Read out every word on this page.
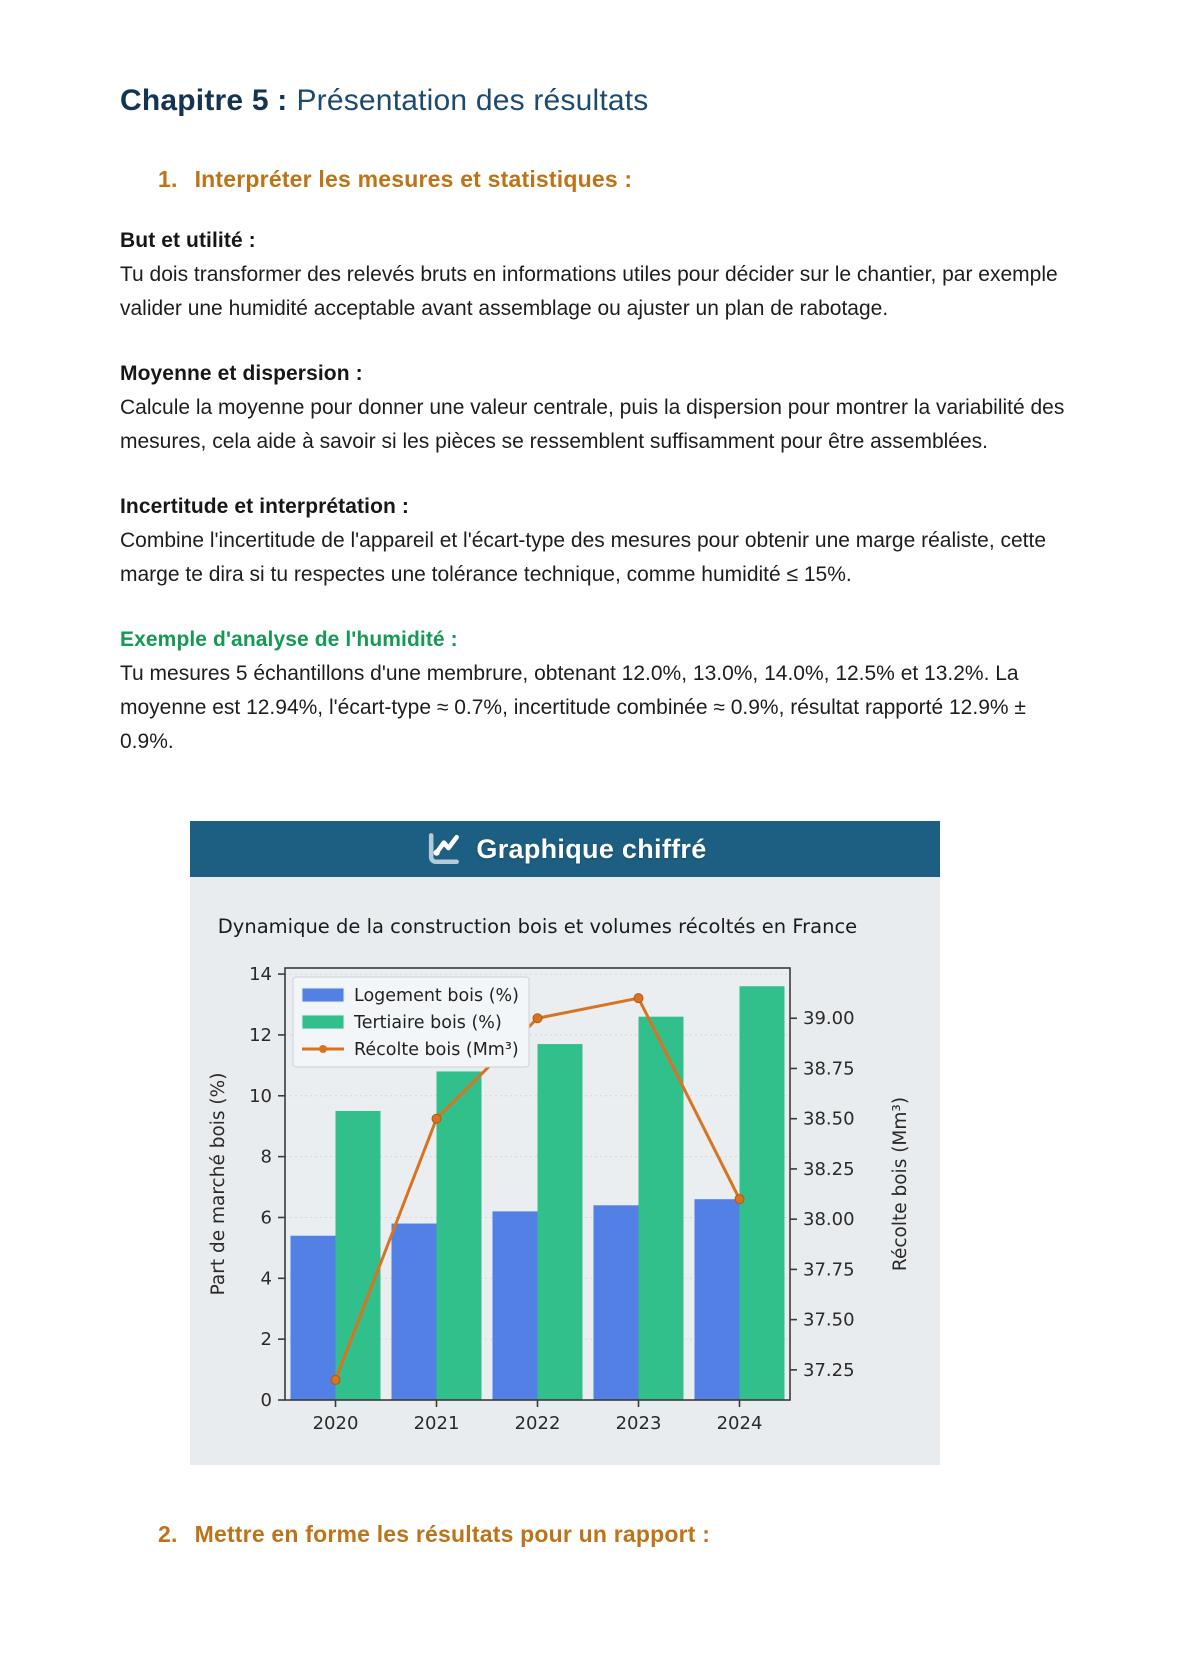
Chapitre 5 : Présentation des résultats
1. Interpréter les mesures et statistiques :
But et utilité :

Tu dois transformer des relevés bruts en informations utiles pour décider sur le chantier, par exemple valider une humidité acceptable avant assemblage ou ajuster un plan de rabotage.

Moyenne et dispersion :

Calcule la moyenne pour donner une valeur centrale, puis la dispersion pour montrer la variabilité des mesures, cela aide à savoir si les pièces se ressemblent suffisamment pour être assemblées.

Incertitude et interprétation :

Combine l'incertitude de l'appareil et l'écart-type des mesures pour obtenir une marge réaliste, cette marge te dira si tu respectes une tolérance technique, comme humidité ≤ 15%.

Exemple d'analyse de l'humidité :

Tu mesures 5 échantillons d'une membrure, obtenant 12.0%, 13.0%, 14.0%, 12.5% et 13.2%. La moyenne est 12.94%, l'écart-type ≈ 0.7%, incertitude combinée ≈ 0.9%, résultat rapporté 12.9% ± 0.9%.

Graphique chiffré
0
2
4
6
8
10
12
14
37.25
37.50
37.75
38.00
38.25
38.50
38.75
39.00
2020	2021	2022	2023	2024
Part de marché bois (%)	Récolte bois (Mm³)
Dynamique de la construction bois et volumes récoltés en France
Logement bois (%)
Tertiaire bois (%)
Récolte bois (Mm³)
2. Mettre en forme les résultats pour un rapport :
